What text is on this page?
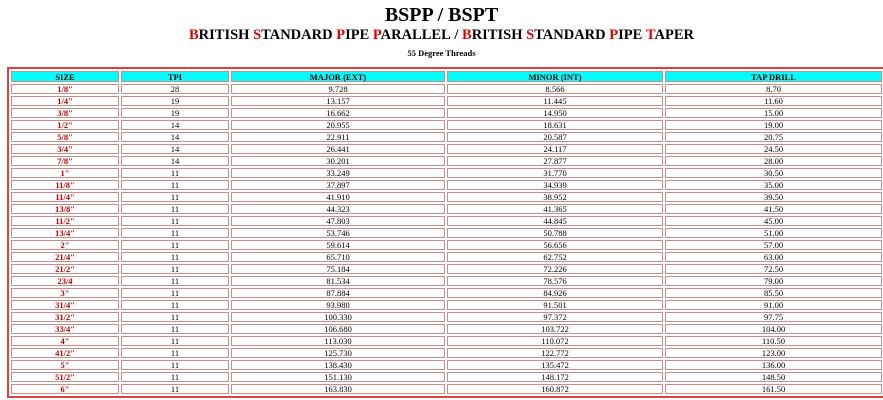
BSPP / BSPT
BRITISH STANDARD PIPE PARALLEL / BRITISH STANDARD PIPE TAPER
55 Degree Threads
SIZE	TPI	MAJOR (EXT)	MINOR (INT)	TAP DRILL
1/8"	28	9.728	8.566	8.70
1/4"	19	13.157	11.445	11.60
3/8"	19	16.662	14.950	15.00
1/2"	14	20.955	18.631	19.00
5/8"	14	22.911	20.587	20.75
3/4"	14	26.441	24.117	24.50
7/8"	14	30.201	27.877	28.00
1"	11	33.249	31.770	30.50
11/8"	11	37.897	34.939	35.00
11/4"	11	41.910	38.952	39.50
13/8"	11	44.323	41.365	41.50
11/2"	11	47.803	44.845	45.00
13/4"	11	53.746	50.788	51.00
2"	11	59.614	56.656	57.00
21/4"	11	65.710	62.752	63.00
21/2"	11	75.184	72.226	72.50
23/4	11	81.534	78.576	79.00
3"	11	87.884	84.926	85.50
31/4"	11	93.980	91.501	91.00
31/2"	11	100.330	97.372	97.75
33/4"	11	106.680	103.722	104.00
4"	11	113.030	110.072	110.50
41/2"	11	125.730	122.772	123.00
5"	11	138.430	135.472	136.00
51/2"	11	151.130	148.172	148.50
6"	11	163.830	160.872	161.50
